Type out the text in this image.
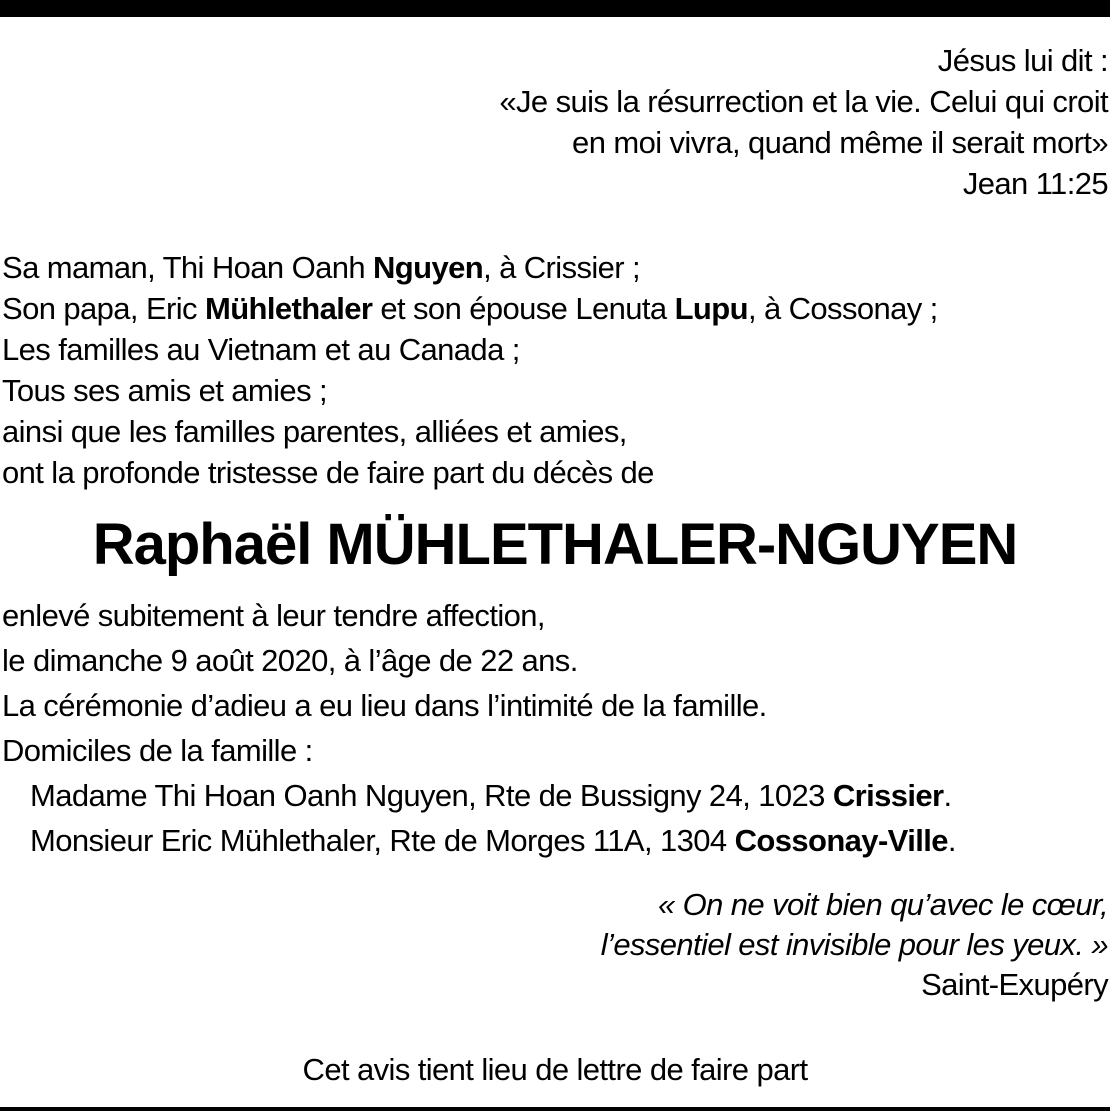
Jésus lui dit :
«Je suis la résurrection et la vie. Celui qui croit
en moi vivra, quand même il serait mort»
Jean 11:25
Sa maman, Thi Hoan Oanh Nguyen, à Crissier ;
Son papa, Eric Mühlethaler et son épouse Lenuta Lupu, à Cossonay ;
Les familles au Vietnam et au Canada ;
Tous ses amis et amies ;
ainsi que les familles parentes, alliées et amies,
ont la profonde tristesse de faire part du décès de
Raphaël MÜHLETHALER-NGUYEN
enlevé subitement à leur tendre affection,
le dimanche 9 août 2020, à l’âge de 22 ans.
La cérémonie d’adieu a eu lieu dans l’intimité de la famille.
Domiciles de la famille :
Madame Thi Hoan Oanh Nguyen, Rte de Bussigny 24, 1023 Crissier.
Monsieur Eric Mühlethaler, Rte de Morges 11A, 1304 Cossonay-Ville.
« On ne voit bien qu’avec le cœur,
l’essentiel est invisible pour les yeux. »
Saint-Exupéry
Cet avis tient lieu de lettre de faire part
